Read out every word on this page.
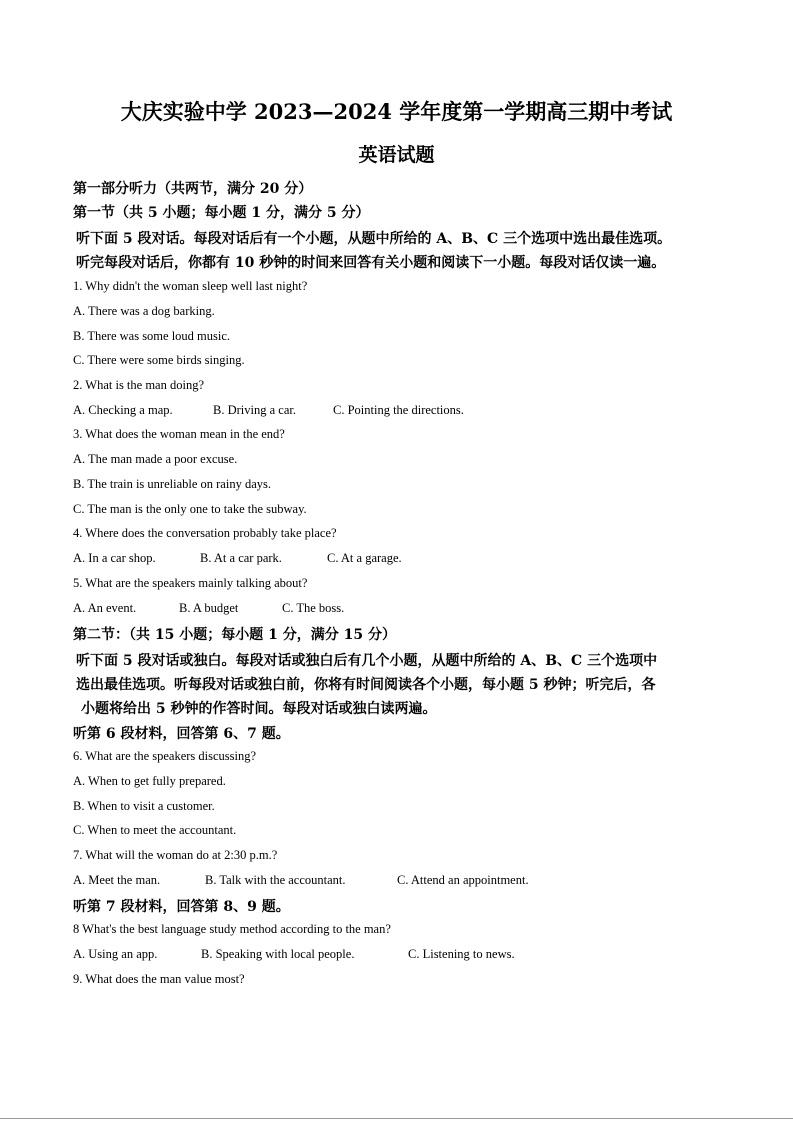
大庆实验中学 2023—2024 学年度第一学期高三期中考试
英语试题
第一部分听力（共两节，满分 20 分）
第一节（共 5 小题；每小题 1 分，满分 5 分）
听下面 5 段对话。每段对话后有一个小题，从题中所给的 A、B、C 三个选项中选出最佳选项。
听完每段对话后，你都有 10 秒钟的时间来回答有关小题和阅读下一小题。每段对话仅读一遍。
1. Why didn't the woman sleep well last night?
A. There was a dog barking.
B. There was some loud music.
C. There were some birds singing.
2. What is the man doing?
A. Checking a map.	B. Driving a car.	C. Pointing the directions.
3. What does the woman mean in the end?
A. The man made a poor excuse.
B. The train is unreliable on rainy days.
C. The man is the only one to take the subway.
4. Where does the conversation probably take place?
A. In a car shop.	B. At a car park.	C. At a garage.
5. What are the speakers mainly talking about?
A. An event.	B. A budget	C. The boss.
第二节：（共 15 小题；每小题 1 分，满分 15 分）
听下面 5 段对话或独白。每段对话或独白后有几个小题，从题中所给的 A、B、C 三个选项中
选出最佳选项。听每段对话或独白前，你将有时间阅读各个小题，每小题 5 秒钟；听完后，各
小题将给出 5 秒钟的作答时间。每段对话或独白读两遍。
听第 6 段材料，回答第 6、7 题。
6. What are the speakers discussing?
A. When to get fully prepared.
B. When to visit a customer.
C. When to meet the accountant.
7. What will the woman do at 2:30 p.m.?
A. Meet the man.	B. Talk with the accountant.	C. Attend an appointment.
听第 7 段材料，回答第 8、9 题。
8 What's the best language study method according to the man?
A. Using an app.	B. Speaking with local people.	C. Listening to news.
9. What does the man value most?
